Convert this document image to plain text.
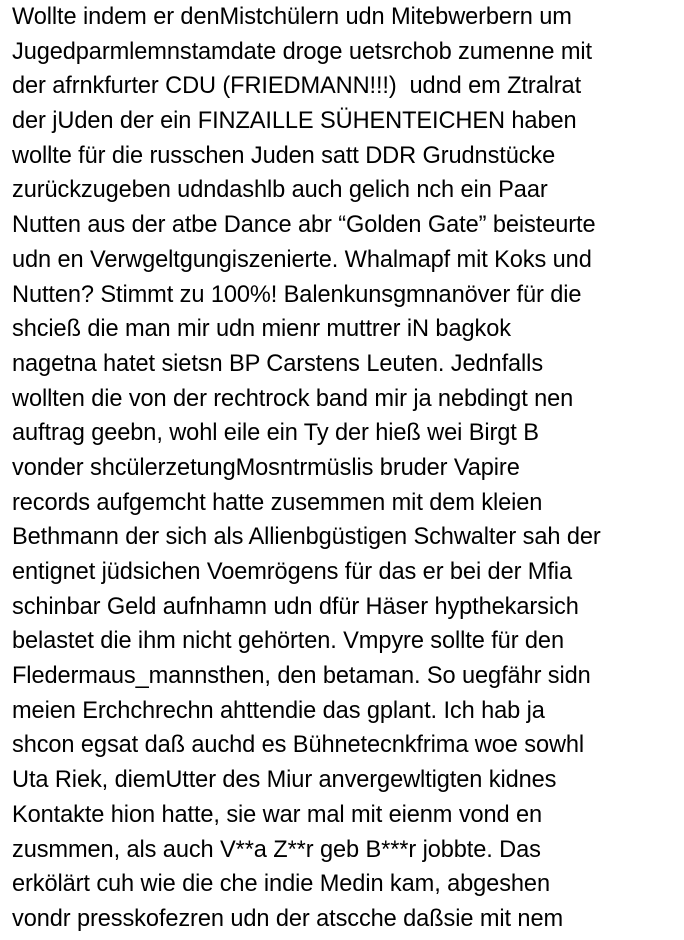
Wollte indem er denMistchülern udn Mitebwerbern um
Jugedparmlemnstamdate droge uetsrchob zumenne mit
der afrnkfurter CDU (FRIEDMANN!!!)  udnd em Ztralrat
der jUden der ein FINZAILLE SÜHENTEICHEN haben
wollte für die russchen Juden satt DDR Grudnstücke
zurückzugeben udndashlb auch gelich nch ein Paar
Nutten aus der atbe Dance abr “Golden Gate” beisteurte
udn en Verwgeltgungiszenierte. Whalmapf mit Koks und
Nutten? Stimmt zu 100%! Balenkunsgmnanöver für die
shcieß die man mir udn mienr muttrer iN bagkok
nagetna hatet sietsn BP Carstens Leuten. Jednfalls
wollten die von der rechtrock band mir ja nebdingt nen
auftrag geebn, wohl eile ein Ty der hieß wei Birgt B
vonder shcülerzetungMosntrmüslis bruder Vapire
records aufgemcht hatte zusemmen mit dem kleien
Bethmann der sich als Allienbgüstigen Schwalter sah der
entignet jüdsichen Voemrögens für das er bei der Mfia
schinbar Geld aufnhamn udn dfür Häser hypthekarsich
belastet die ihm nicht gehörten. Vmpyre sollte für den
Fledermaus_mannsthen, den betaman. So uegfähr sidn
meien Erchchrechn ahttendie das gplant. Ich hab ja
shcon egsat daß auchd es Bühnetecnkfrima woe sowhl
Uta Riek, diemUtter des Miur anvergewltigten kidnes
Kontakte hion hatte, sie war mal mit eienm vond en
zusmmen, als auch V**a Z**r geb B***r jobbte. Das
erkölärt cuh wie die che indie Medin kam, abgeshen
vondr presskofezren udn der atscche daßsie mit nem
